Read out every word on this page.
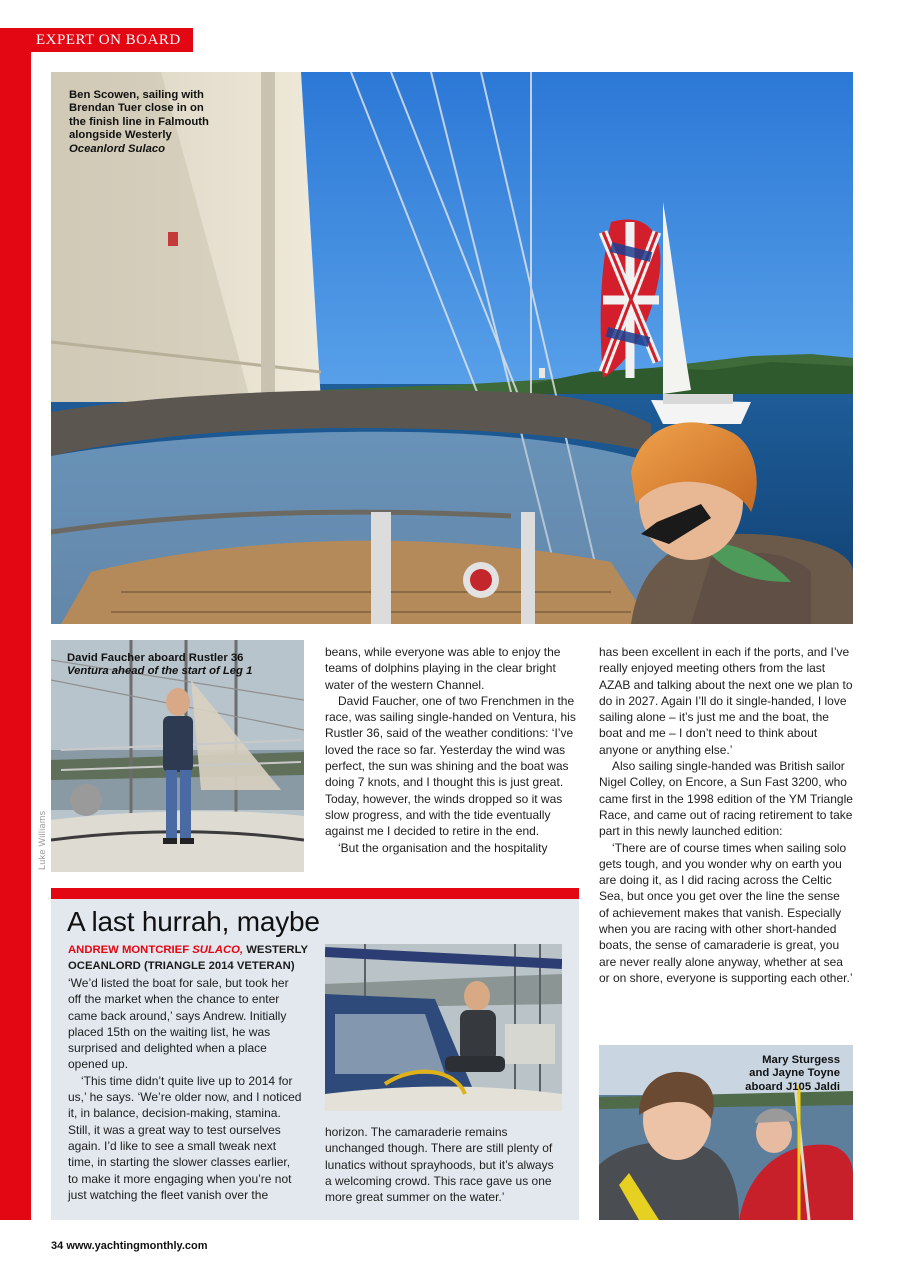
EXPERT ON BOARD
Ben Scowen, sailing with
Brendan Tuer close in on
the finish line in Falmouth
alongside Westerly
Oceanlord Sulaco
David Faucher aboard Rustler 36
Ventura ahead of the start of Leg 1
Luke Williams

beans, while everyone was able to enjoy the teams of dolphins playing in the clear bright water of the western Channel.

David Faucher, one of two Frenchmen in the race, was sailing single-handed on Ventura, his Rustler 36, said of the weather conditions: ‘I’ve loved the race so far. Yesterday the wind was perfect, the sun was shining and the boat was doing 7 knots, and I thought this is just great. Today, however, the winds dropped so it was slow progress, and with the tide eventually against me I decided to retire in the end.

‘But the organisation and the hospitality

has been excellent in each if the ports, and I’ve really enjoyed meeting others from the last AZAB and talking about the next one we plan to do in 2027. Again I’ll do it single-handed, I love sailing alone – it’s just me and the boat, the boat and me – I don’t need to think about anyone or anything else.’

Also sailing single-handed was British sailor Nigel Colley, on Encore, a Sun Fast 3200, who came first in the 1998 edition of the YM Triangle Race, and came out of racing retirement to take part in this newly launched edition:

‘There are of course times when sailing solo gets tough, and you wonder why on earth you are doing it, as I did racing across the Celtic Sea, but once you get over the line the sense of achievement makes that vanish. Especially when you are racing with other short-handed boats, the sense of camaraderie is great, you are never really alone anyway, whether at sea or on shore, everyone is supporting each other.’

Mary Sturgess
and Jayne Toyne
aboard J105 Jaldi
A last hurrah, maybe
ANDREW MONTCRIEF SULACO, WESTERLY OCEANLORD (TRIANGLE 2014 VETERAN)

‘We’d listed the boat for sale, but took her off the market when the chance to enter came back around,’ says Andrew. Initially placed 15th on the waiting list, he was surprised and delighted when a place opened up.

‘This time didn’t quite live up to 2014 for us,’ he says. ‘We’re older now, and I noticed it, in balance, decision-making, stamina. Still, it was a great way to test ourselves again. I’d like to see a small tweak next time, in starting the slower classes earlier, to make it more engaging when you’re not just watching the fleet vanish over the

horizon. The camaraderie remains unchanged though. There are still plenty of lunatics without sprayhoods, but it’s always a welcoming crowd. This race gave us one more great summer on the water.’

34 www.yachtingmonthly.com
